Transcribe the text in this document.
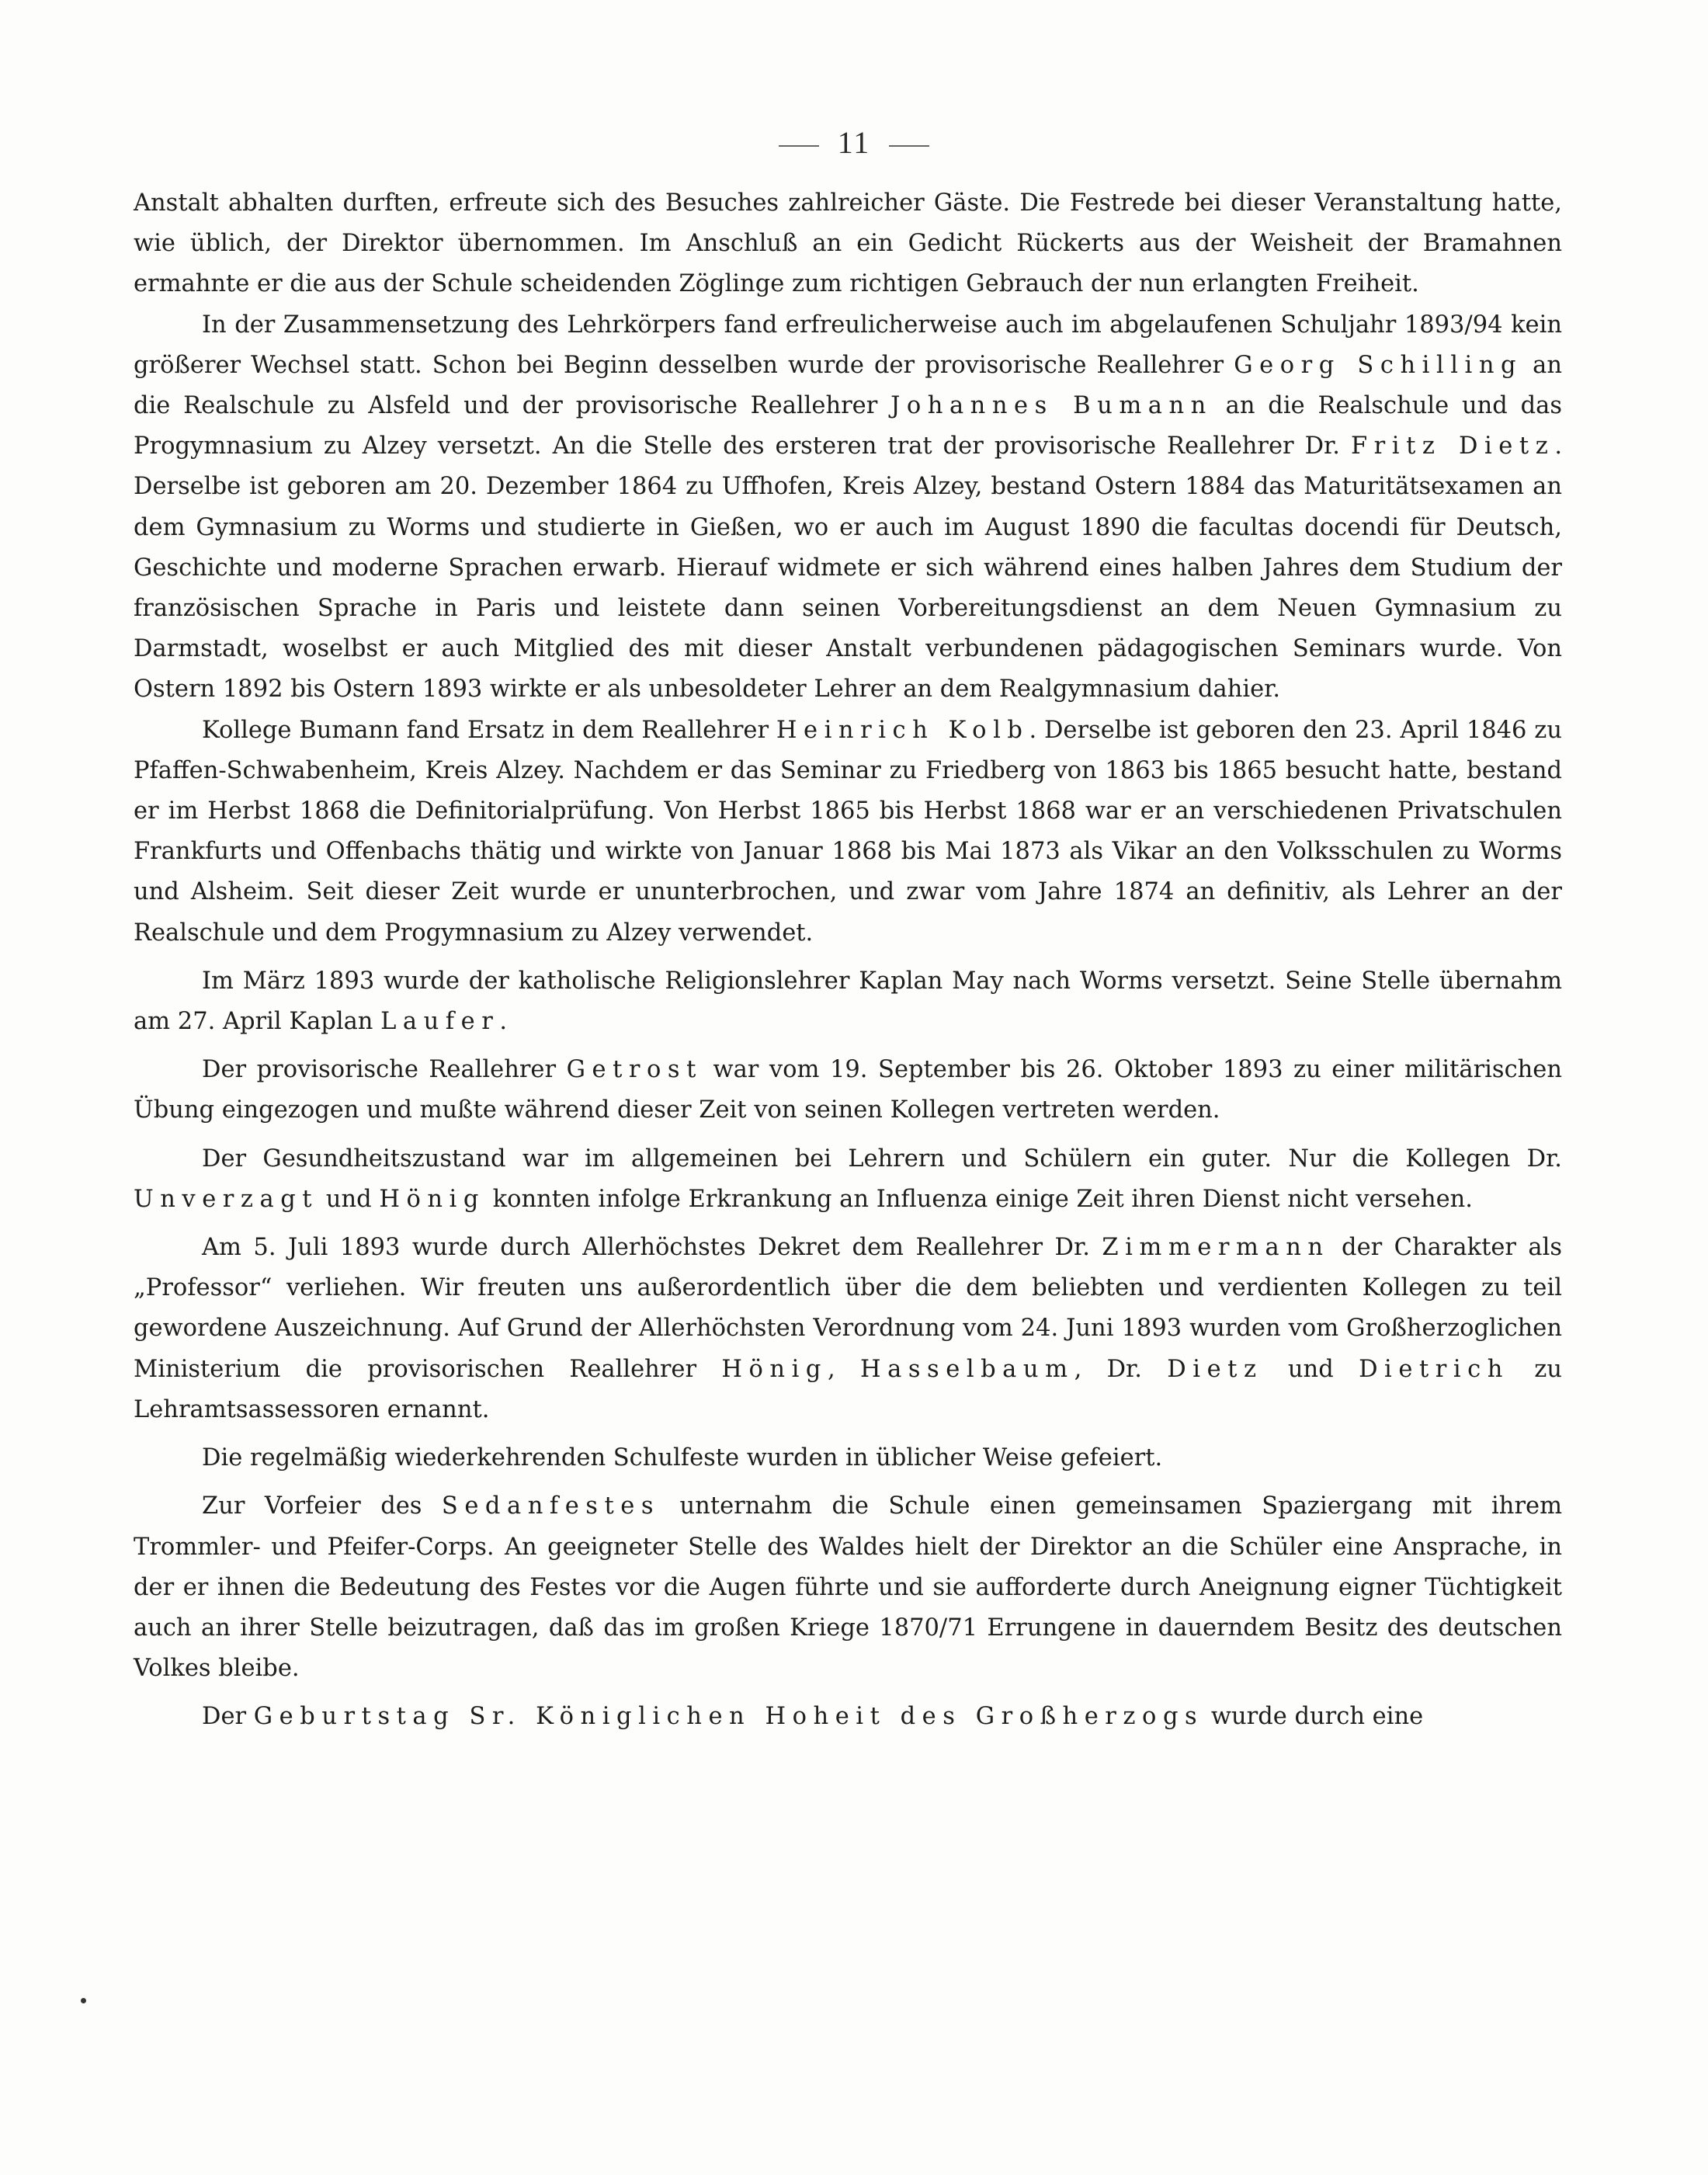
11

Anstalt abhalten durften, erfreute sich des Besuches zahlreicher Gäste. Die Festrede bei dieser Veranstaltung hatte, wie üblich, der Direktor übernommen. Im Anschluß an ein Gedicht Rückerts aus der Weisheit der Bramahnen ermahnte er die aus der Schule scheidenden Zöglinge zum richtigen Gebrauch der nun erlangten Freiheit.

In der Zusammensetzung des Lehrkörpers fand erfreulicherweise auch im abgelaufenen Schuljahr 1893/94 kein größerer Wechsel statt. Schon bei Beginn desselben wurde der provisorische Reallehrer Georg Schilling an die Realschule zu Alsfeld und der provisorische Reallehrer Johannes Bumann an die Realschule und das Progymnasium zu Alzey versetzt. An die Stelle des ersteren trat der provisorische Reallehrer Dr. Fritz Dietz. Derselbe ist geboren am 20. Dezember 1864 zu Uffhofen, Kreis Alzey, bestand Ostern 1884 das Maturitätsexamen an dem Gymnasium zu Worms und studierte in Gießen, wo er auch im August 1890 die facultas docendi für Deutsch, Geschichte und moderne Sprachen erwarb. Hierauf widmete er sich während eines halben Jahres dem Studium der französischen Sprache in Paris und leistete dann seinen Vorbereitungsdienst an dem Neuen Gymnasium zu Darmstadt, woselbst er auch Mitglied des mit dieser Anstalt verbundenen pädagogischen Seminars wurde. Von Ostern 1892 bis Ostern 1893 wirkte er als unbesoldeter Lehrer an dem Realgymnasium dahier.

Kollege Bumann fand Ersatz in dem Reallehrer Heinrich Kolb. Derselbe ist geboren den 23. April 1846 zu Pfaffen-Schwabenheim, Kreis Alzey. Nachdem er das Seminar zu Friedberg von 1863 bis 1865 besucht hatte, bestand er im Herbst 1868 die Definitorialprüfung. Von Herbst 1865 bis Herbst 1868 war er an verschiedenen Privatschulen Frankfurts und Offenbachs thätig und wirkte von Januar 1868 bis Mai 1873 als Vikar an den Volksschulen zu Worms und Alsheim. Seit dieser Zeit wurde er ununterbrochen, und zwar vom Jahre 1874 an definitiv, als Lehrer an der Realschule und dem Progymnasium zu Alzey verwendet.

Im März 1893 wurde der katholische Religionslehrer Kaplan May nach Worms versetzt. Seine Stelle übernahm am 27. April Kaplan Laufer.

Der provisorische Reallehrer Getrost war vom 19. September bis 26. Oktober 1893 zu einer militärischen Übung eingezogen und mußte während dieser Zeit von seinen Kollegen vertreten werden.

Der Gesundheitszustand war im allgemeinen bei Lehrern und Schülern ein guter. Nur die Kollegen Dr. Unverzagt und Hönig konnten infolge Erkrankung an Influenza einige Zeit ihren Dienst nicht versehen.

Am 5. Juli 1893 wurde durch Allerhöchstes Dekret dem Reallehrer Dr. Zimmermann der Charakter als „Professor“ verliehen. Wir freuten uns außerordentlich über die dem beliebten und verdienten Kollegen zu teil gewordene Auszeichnung. Auf Grund der Allerhöchsten Verordnung vom 24. Juni 1893 wurden vom Großherzoglichen Ministerium die provisorischen Reallehrer Hönig, Hasselbaum, Dr. Dietz und Dietrich zu Lehramtsassessoren ernannt.

Die regelmäßig wiederkehrenden Schulfeste wurden in üblicher Weise gefeiert.

Zur Vorfeier des Sedanfestes unternahm die Schule einen gemeinsamen Spaziergang mit ihrem Trommler- und Pfeifer-Corps. An geeigneter Stelle des Waldes hielt der Direktor an die Schüler eine Ansprache, in der er ihnen die Bedeutung des Festes vor die Augen führte und sie aufforderte durch Aneignung eigner Tüchtigkeit auch an ihrer Stelle beizutragen, daß das im großen Kriege 1870/71 Errungene in dauerndem Besitz des deutschen Volkes bleibe.

Der Geburtstag Sr. Königlichen Hoheit des Großherzogs wurde durch eine
